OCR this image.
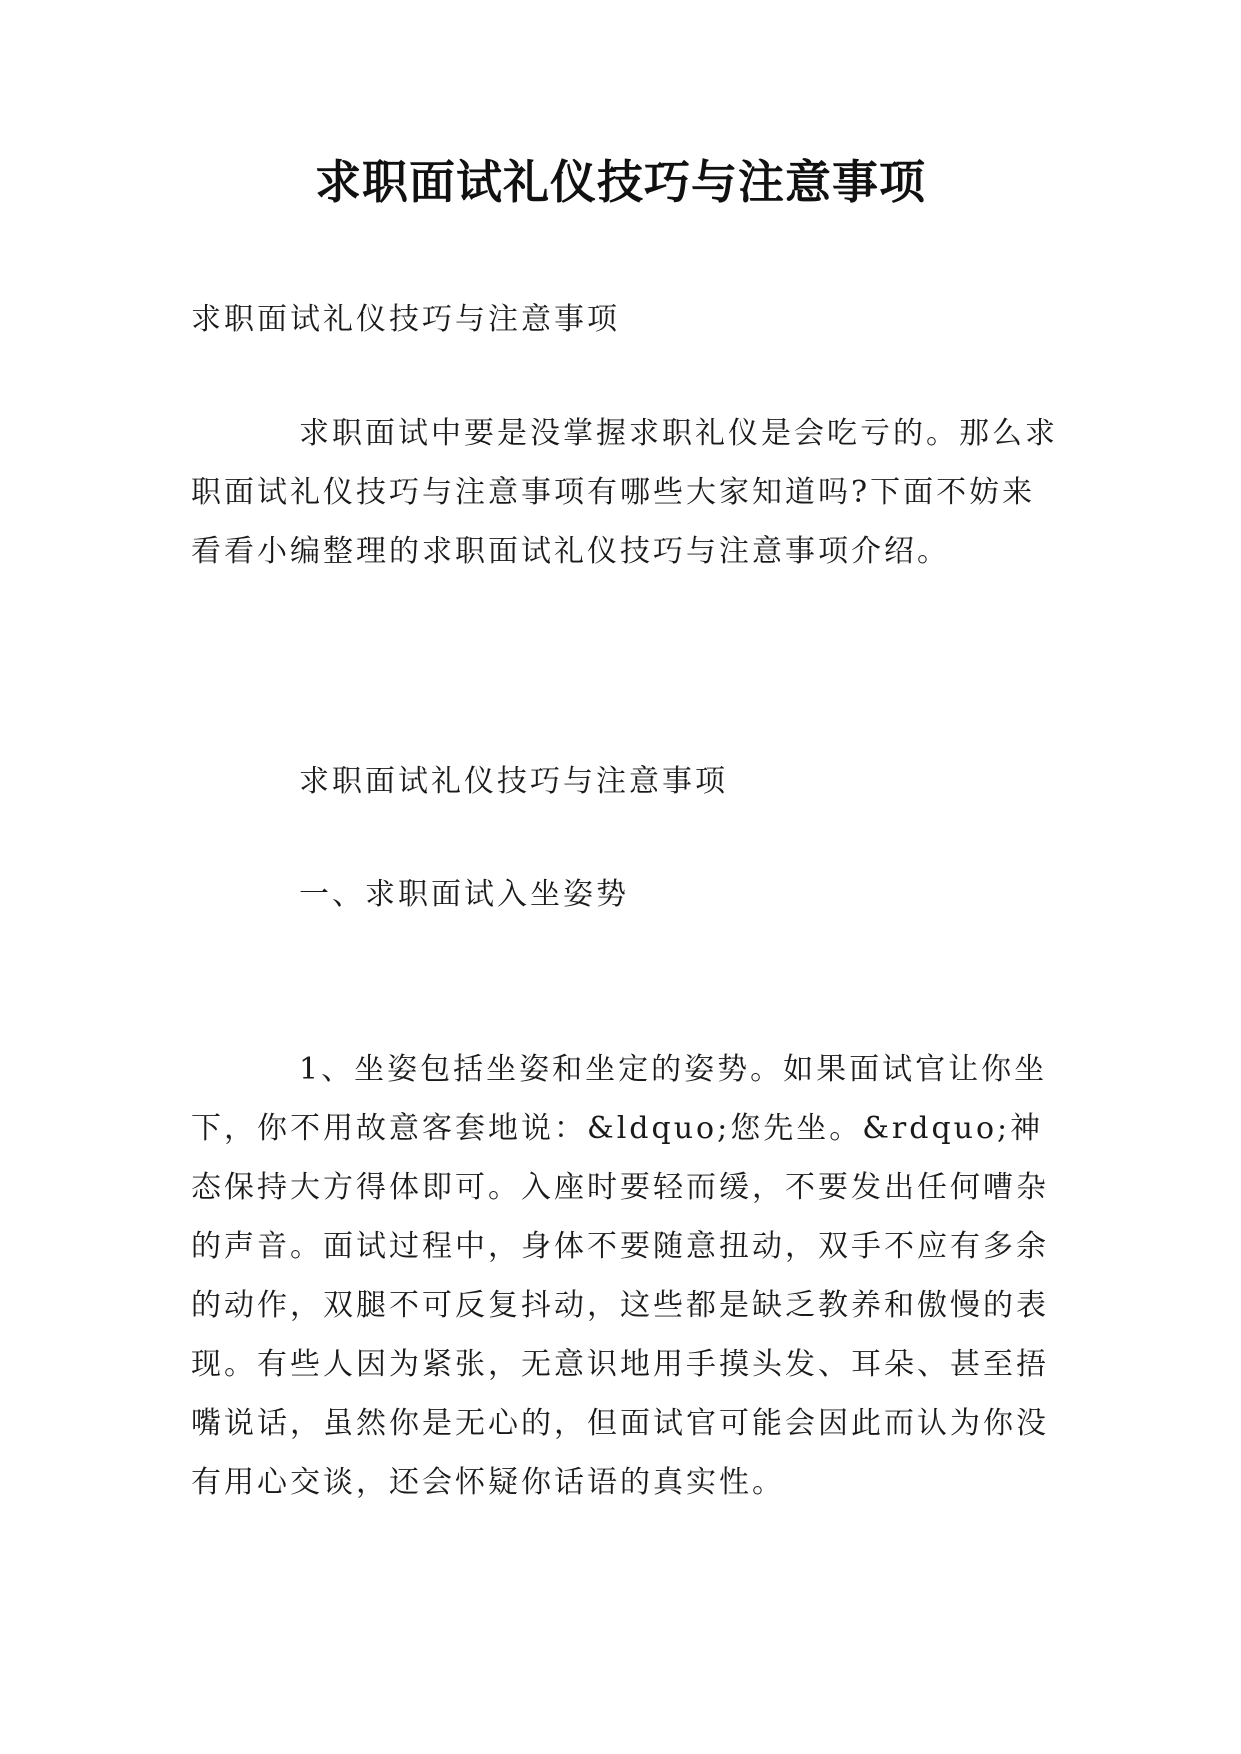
求职面试礼仪技巧与注意事项
求职面试礼仪技巧与注意事项
求职面试中要是没掌握求职礼仪是会吃亏的。那么求职面试礼仪技巧与注意事项有哪些大家知道吗?下面不妨来看看小编整理的求职面试礼仪技巧与注意事项介绍。
求职面试礼仪技巧与注意事项
一、求职面试入坐姿势
1、坐姿包括坐姿和坐定的姿势。如果面试官让你坐下，你不用故意客套地说：&ldquo;您先坐。&rdquo;神态保持大方得体即可。入座时要轻而缓，不要发出任何嘈杂的声音。面试过程中，身体不要随意扭动，双手不应有多余的动作，双腿不可反复抖动，这些都是缺乏教养和傲慢的表现。有些人因为紧张，无意识地用手摸头发、耳朵、甚至捂嘴说话，虽然你是无心的，但面试官可能会因此而认为你没有用心交谈，还会怀疑你话语的真实性。
